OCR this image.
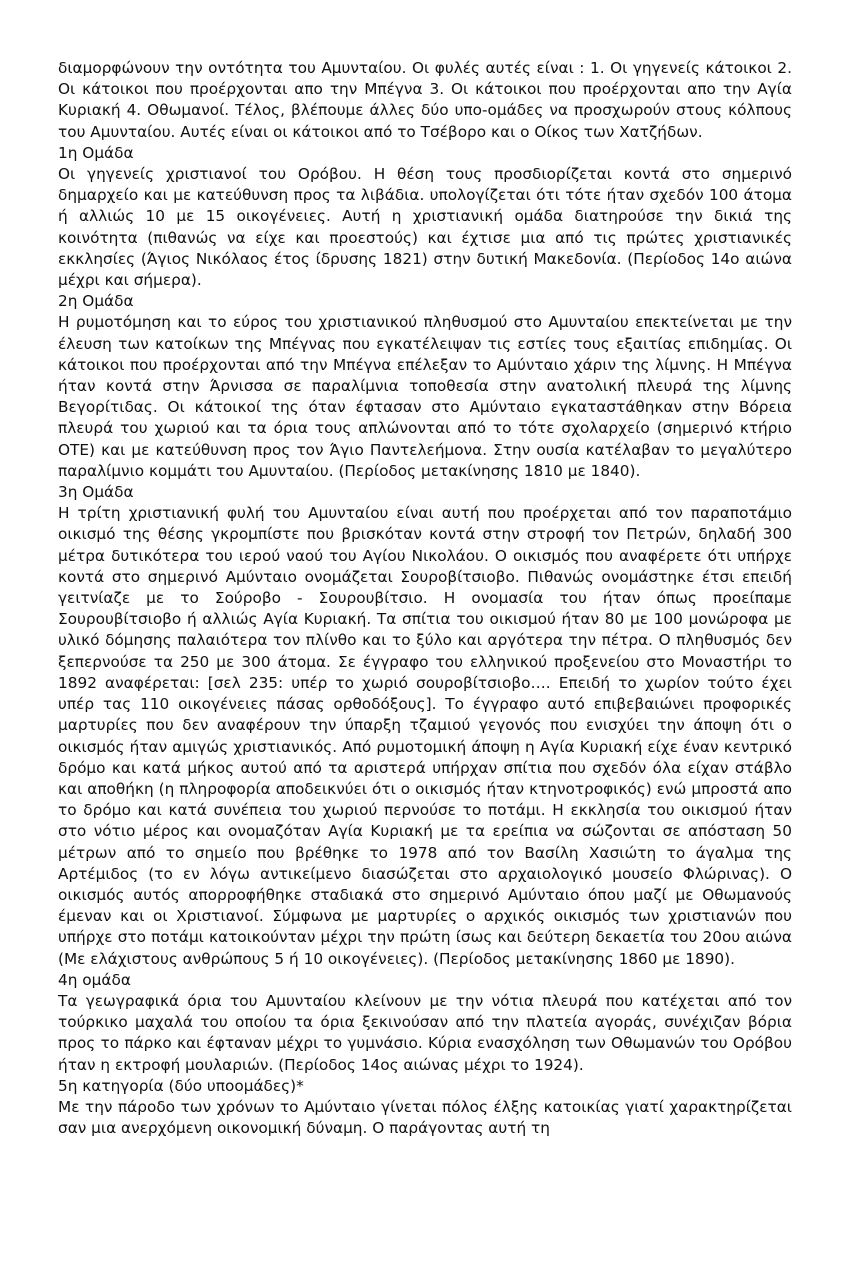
διαμορφώνουν την οντότητα του Αμυνταίου. Οι φυλές αυτές είναι : 1. Οι γηγενείς κάτοικοι 2. Οι κάτοικοι που προέρχονται απο την Μπέγνα 3. Οι κάτοικοι που προέρχονται απο την Αγία Κυριακή 4. Οθωμανοί. Τέλος, βλέπουμε άλλες δύο υπο-ομάδες να προσχωρούν στους κόλπους του Αμυνταίου. Αυτές είναι οι κάτοικοι από το Τσέβορο και ο Οίκος των Χατζήδων.

1η Ομάδα

Οι γηγενείς χριστιανοί του Ορόβου. Η θέση τους προσδιορίζεται κοντά στο σημερινό δημαρχείο και με κατεύθυνση προς τα λιβάδια. υπολογίζεται ότι τότε ήταν σχεδόν 100 άτομα ή αλλιώς 10 με 15 οικογένειες. Αυτή η χριστιανική ομάδα διατηρούσε την δικιά της κοινότητα (πιθανώς να είχε και προεστούς) και έχτισε μια από τις πρώτες χριστιανικές εκκλησίες (Άγιος Νικόλαος έτος ίδρυσης 1821) στην δυτική Μακεδονία. (Περίοδος 14ο αιώνα μέχρι και σήμερα).

2η Ομάδα

Η ρυμοτόμηση και το εύρος του χριστιανικού πληθυσμού στο Αμυνταίου επεκτείνεται με την έλευση των κατοίκων της Μπέγνας που εγκατέλειψαν τις εστίες τους εξαιτίας επιδημίας. Οι κάτοικοι που προέρχονται από την Μπέγνα επέλεξαν το Αμύνταιο χάριν της λίμνης. Η Μπέγνα ήταν κοντά στην Άρνισσα σε παραλίμνια τοποθεσία στην ανατολική πλευρά της λίμνης Βεγορίτιδας. Οι κάτοικοί της όταν έφτασαν στο Αμύνταιο εγκαταστάθηκαν στην Βόρεια πλευρά του χωριού και τα όρια τους απλώνονται από το τότε σχολαρχείο (σημερινό κτήριο ΟΤΕ) και με κατεύθυνση προς τον Άγιο Παντελεήμονα. Στην ουσία κατέλαβαν το μεγαλύτερο παραλίμνιο κομμάτι του Αμυνταίου. (Περίοδος μετακίνησης 1810 με 1840).

3η Ομάδα

Η τρίτη χριστιανική φυλή του Αμυνταίου είναι αυτή που προέρχεται από τον παραποτάμιο οικισμό της θέσης γκρομπίστε που βρισκόταν κοντά στην στροφή τον Πετρών, δηλαδή 300 μέτρα δυτικότερα του ιερού ναού του Αγίου Νικολάου. Ο οικισμός που αναφέρετε ότι υπήρχε κοντά στο σημερινό Αμύνταιο ονομάζεται Σουροβίτσιοβο. Πιθανώς ονομάστηκε έτσι επειδή γειτνίαζε με το Σούροβο - Σουρουβίτσιο. Η ονομασία του ήταν όπως προείπαμε Σουρουβίτσιοβο ή αλλιώς Αγία Κυριακή. Τα σπίτια του οικισμού ήταν 80 με 100 μονώροφα με υλικό δόμησης παλαιότερα τον πλίνθο και το ξύλο και αργότερα την πέτρα. Ο πληθυσμός δεν ξεπερνούσε τα 250 με 300 άτομα. Σε έγγραφο του ελληνικού προξενείου στο Μοναστήρι το 1892 αναφέρεται: [σελ 235: υπέρ το χωριό σουροβίτσιοβο…. Επειδή το χωρίον τούτο έχει υπέρ τας 110 οικογένειες πάσας ορθοδόξους]. Το έγγραφο αυτό επιβεβαιώνει προφορικές μαρτυρίες που δεν αναφέρουν την ύπαρξη τζαμιού γεγονός που ενισχύει την άποψη ότι ο οικισμός ήταν αμιγώς χριστιανικός. Από ρυμοτομική άποψη η Αγία Κυριακή είχε έναν κεντρικό δρόμο και κατά μήκος αυτού από τα αριστερά υπήρχαν σπίτια που σχεδόν όλα είχαν στάβλο και αποθήκη (η πληροφορία αποδεικνύει ότι ο οικισμός ήταν κτηνοτροφικός) ενώ μπροστά απο το δρόμο και κατά συνέπεια του χωριού περνούσε το ποτάμι. Η εκκλησία του οικισμού ήταν στο νότιο μέρος και ονομαζόταν Αγία Κυριακή με τα ερείπια να σώζονται σε απόσταση 50 μέτρων από το σημείο που βρέθηκε το 1978 από τον Βασίλη Χασιώτη το άγαλμα της Αρτέμιδος (το εν λόγω αντικείμενο διασώζεται στο αρχαιολογικό μουσείο Φλώρινας). Ο οικισμός αυτός απορροφήθηκε σταδιακά στο σημερινό Αμύνταιο όπου μαζί με Οθωμανούς έμεναν και οι Χριστιανοί. Σύμφωνα με μαρτυρίες ο αρχικός οικισμός των χριστιανών που υπήρχε στο ποτάμι κατοικούνταν μέχρι την πρώτη ίσως και δεύτερη δεκαετία του 20ου αιώνα (Με ελάχιστους ανθρώπους 5 ή 10 οικογένειες). (Περίοδος μετακίνησης 1860 με 1890).

4η ομάδα

Τα γεωγραφικά όρια του Αμυνταίου κλείνουν με την νότια πλευρά που κατέχεται από τον τούρκικο μαχαλά του οποίου τα όρια ξεκινούσαν από την πλατεία αγοράς, συνέχιζαν βόρια προς το πάρκο και έφταναν μέχρι το γυμνάσιο. Κύρια ενασχόληση των Οθωμανών του Ορόβου ήταν η εκτροφή μουλαριών. (Περίοδος 14ος αιώνας μέχρι το 1924).

5η κατηγορία (δύο υποομάδες)*

Με την πάροδο των χρόνων το Αμύνταιο γίνεται πόλος έλξης κατοικίας γιατί χαρακτηρίζεται σαν μια ανερχόμενη οικονομική δύναμη. Ο παράγοντας αυτή τη
